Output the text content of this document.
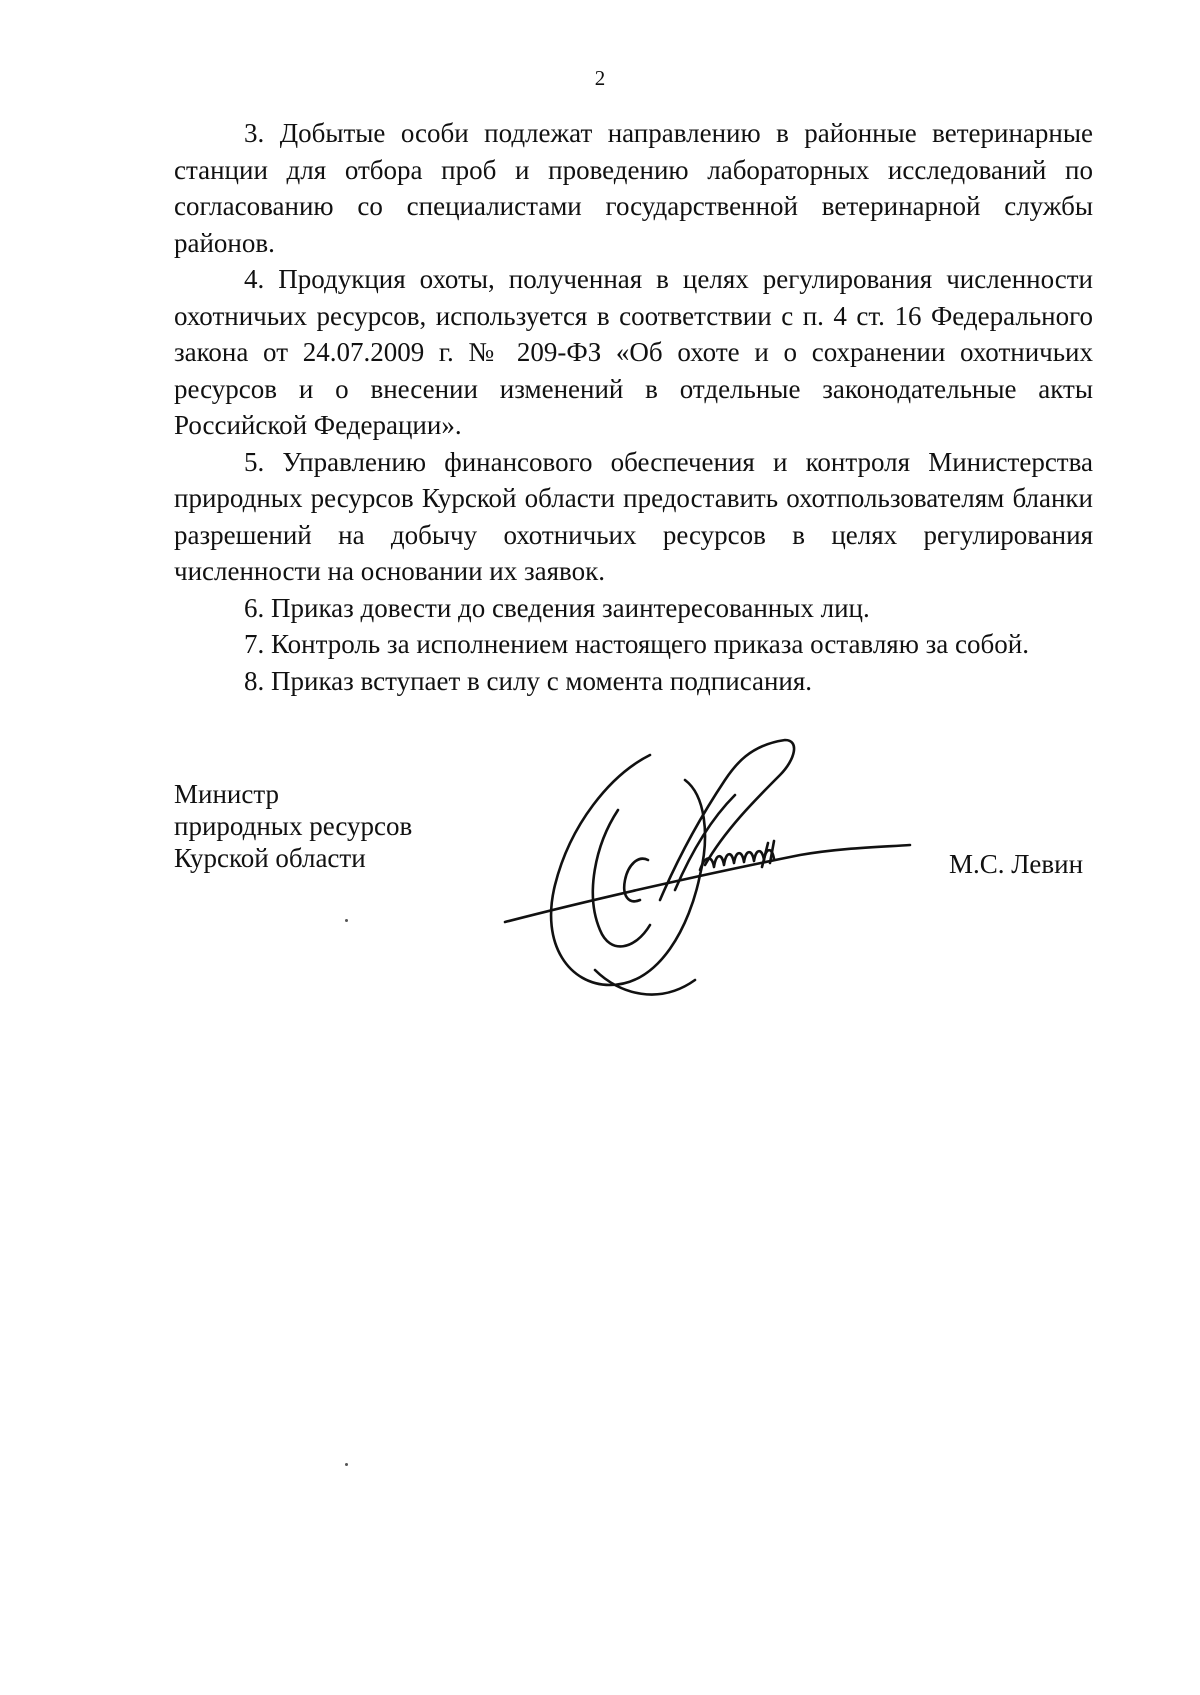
2

3. Добытые особи подлежат направлению в районные ветеринарные станции для отбора проб и проведению лабораторных исследований по согласованию со специалистами государственной ветеринарной службы районов.

4. Продукция охоты, полученная в целях регулирования численности охотничьих ресурсов, используется в соответствии с п. 4 ст. 16 Федерального закона от 24.07.2009 г. № 209-ФЗ «Об охоте и о сохранении охотничьих ресурсов и о внесении изменений в отдельные законодательные акты Российской Федерации».

5. Управлению финансового обеспечения и контроля Министерства природных ресурсов Курской области предоставить охотпользователям бланки разрешений на добычу охотничьих ресурсов в целях регулирования численности на основании их заявок.

6. Приказ довести до сведения заинтересованных лиц.

7. Контроль за исполнением настоящего приказа оставляю за собой.

8. Приказ вступает в силу с момента подписания.

Министр
природных ресурсов
Курской области	М.С. Левин
